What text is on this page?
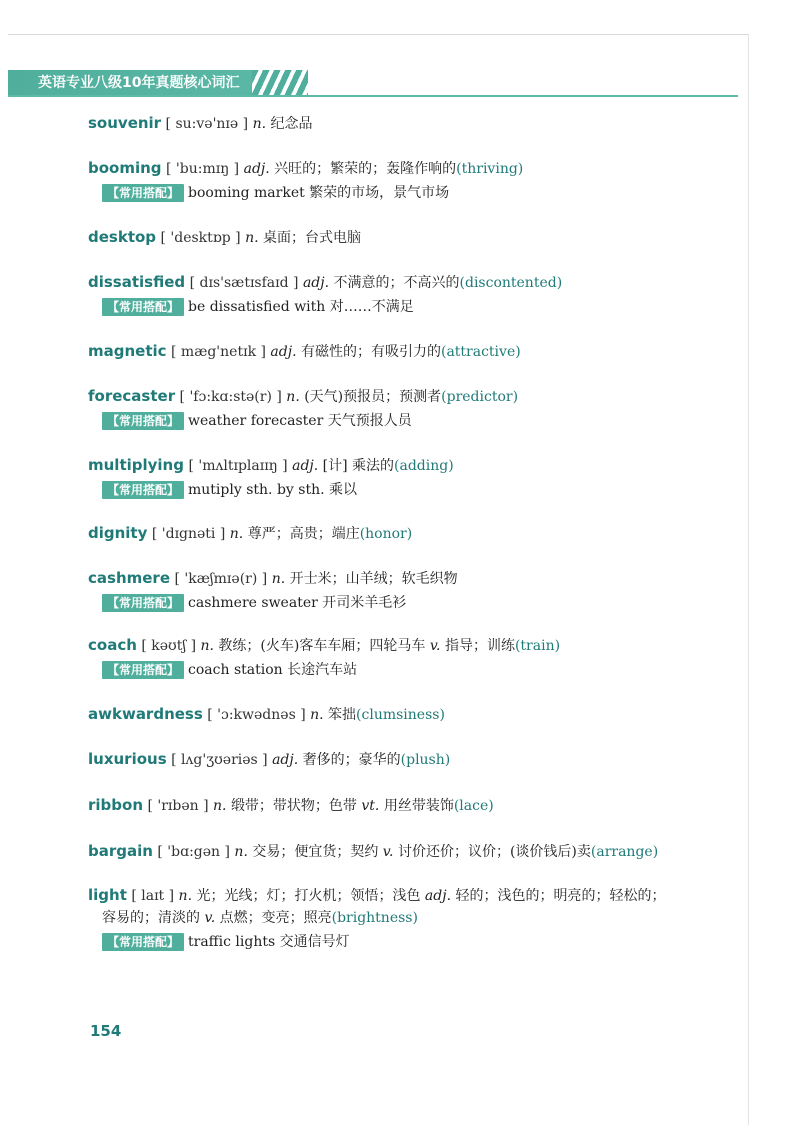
英语专业八级10年真题核心词汇
souvenir [ su:və'nɪə ] n. 纪念品
booming [ 'bu:mɪŋ ] adj. 兴旺的；繁荣的；轰隆作响的(thriving)
【常用搭配】 booming market 繁荣的市场，景气市场
desktop [ 'desktɒp ] n. 桌面；台式电脑
dissatisfied [ dɪs'sætɪsfaɪd ] adj. 不满意的；不高兴的(discontented)
【常用搭配】 be dissatisfied with 对……不满足
magnetic [ mæg'netɪk ] adj. 有磁性的；有吸引力的(attractive)
forecaster [ 'fɔ:kɑ:stə(r) ] n. (天气)预报员；预测者(predictor)
【常用搭配】 weather forecaster 天气预报人员
multiplying [ 'mʌltɪplaɪɪŋ ] adj. [计] 乘法的(adding)
【常用搭配】 mutiply sth. by sth. 乘以
dignity [ 'dɪgnəti ] n. 尊严；高贵；端庄(honor)
cashmere [ 'kæʃmɪə(r) ] n. 开士米；山羊绒；软毛织物
【常用搭配】 cashmere sweater 开司米羊毛衫
coach [ kəʊtʃ ] n. 教练；(火车)客车车厢；四轮马车 v. 指导；训练(train)
【常用搭配】 coach station 长途汽车站
awkwardness [ 'ɔ:kwədnəs ] n. 笨拙(clumsiness)
luxurious [ lʌg'ʒʊəriəs ] adj. 奢侈的；豪华的(plush)
ribbon [ 'rɪbən ] n. 缎带；带状物；色带 vt. 用丝带装饰(lace)
bargain [ 'bɑ:gən ] n. 交易；便宜货；契约 v. 讨价还价；议价；(谈价钱后)卖(arrange)
light [ laɪt ] n. 光；光线；灯；打火机；领悟；浅色 adj. 轻的；浅色的；明亮的；轻松的；
容易的；清淡的 v. 点燃；变亮；照亮(brightness)
【常用搭配】 traffic lights 交通信号灯
154
